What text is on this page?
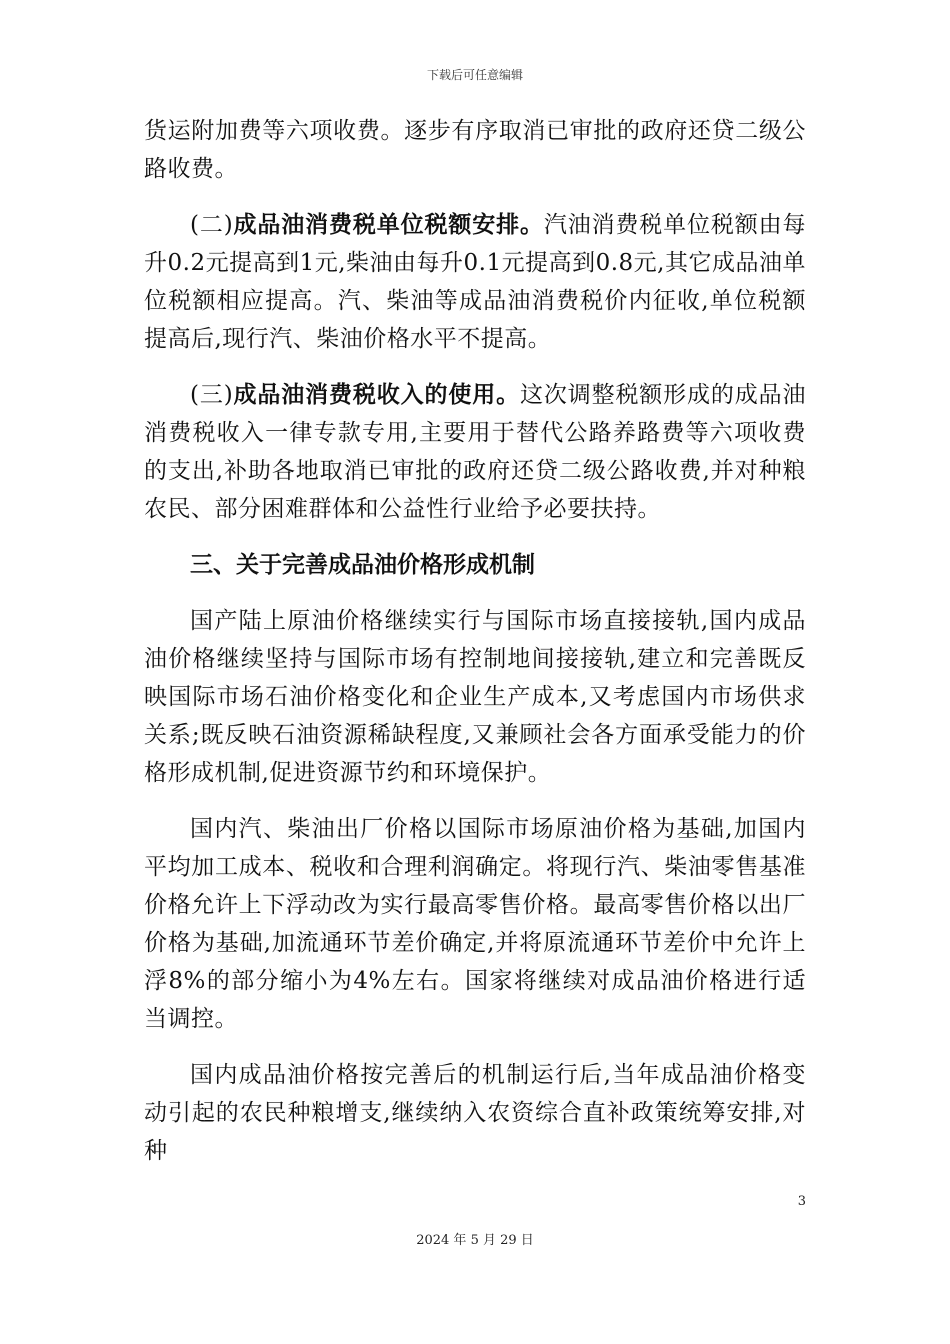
下载后可任意编辑

货运附加费等六项收费。逐步有序取消已审批的政府还贷二级公路收费。

(二)成品油消费税单位税额安排。汽油消费税单位税额由每升0.2元提高到1元,柴油由每升0.1元提高到0.8元,其它成品油单位税额相应提高。汽、柴油等成品油消费税价内征收,单位税额提高后,现行汽、柴油价格水平不提高。

(三)成品油消费税收入的使用。这次调整税额形成的成品油消费税收入一律专款专用,主要用于替代公路养路费等六项收费的支出,补助各地取消已审批的政府还贷二级公路收费,并对种粮农民、部分困难群体和公益性行业给予必要扶持。

三、关于完善成品油价格形成机制

国产陆上原油价格继续实行与国际市场直接接轨,国内成品油价格继续坚持与国际市场有控制地间接接轨,建立和完善既反映国际市场石油价格变化和企业生产成本,又考虑国内市场供求关系;既反映石油资源稀缺程度,又兼顾社会各方面承受能力的价格形成机制,促进资源节约和环境保护。

国内汽、柴油出厂价格以国际市场原油价格为基础,加国内平均加工成本、税收和合理利润确定。将现行汽、柴油零售基准价格允许上下浮动改为实行最高零售价格。最高零售价格以出厂价格为基础,加流通环节差价确定,并将原流通环节差价中允许上浮8%的部分缩小为4%左右。国家将继续对成品油价格进行适当调控。

国内成品油价格按完善后的机制运行后,当年成品油价格变动引起的农民种粮增支,继续纳入农资综合直补政策统筹安排,对种

3
2024 年 5 月 29 日
